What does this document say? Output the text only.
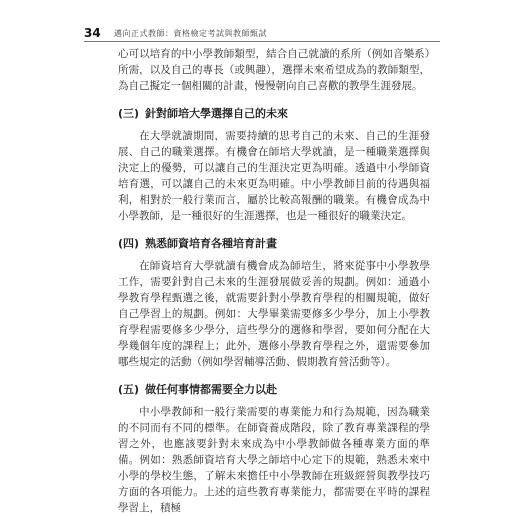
34 邁向正式教師：資格檢定考試與教師甄試

心可以培育的中小學教師類型，結合自己就讀的系所（例如音樂系）所需，以及自己的專長（或興趣），選擇未來希望成為的教師類型，為自己擬定一個相關的計畫，慢慢朝向自己喜歡的教學生涯發展。

(三) 針對師培大學選擇自己的未來

在大學就讀期間，需要持續的思考自己的未來、自己的生涯發展、自己的職業選擇。有機會在師培大學就讀，是一種職業選擇與決定上的優勢，可以讓自己的生涯決定更為明確。透過中小學師資培育選，可以讓自己的未來更為明確。中小學教師目前的待遇與福利，相對於一般行業而言，屬於比較高報酬的職業。有機會成為中小學教師，是一種很好的生涯選擇，也是一種很好的職業決定。

(四) 熟悉師資培育各種培育計畫

在師資培育大學就讀有機會成為師培生，將來從事中小學教學工作，需要針對自己未來的生涯發展做妥善的規劃。例如：通過小學教育學程甄選之後，就需要針對小學教育學程的相關規範，做好自己學習上的規劃。例如：大學畢業需要修多少學分，加上小學教育學程需要修多少學分，這些學分的選修和學習，要如何分配在大學幾個年度的課程上；此外，選修小學教育學程之外，還需要參加哪些規定的活動（例如學習輔導活動、假期教育營活動等）。

(五) 做任何事情都需要全力以赴

中小學教師和一般行業需要的專業能力和行為規範，因為職業的不同而有不同的標準。在師資養成階段，除了教育專業課程的學習之外，也應該要針對未來成為中小學教師做各種專業方面的準備。例如：熟悉師資培育大學之師培中心定下的規範，熟悉未來中小學的學校生態，了解未來擔任中小學教師在班級經營與教學技巧方面的各項能力。上述的這些教育專業能力，都需要在平時的課程學習上，積極
